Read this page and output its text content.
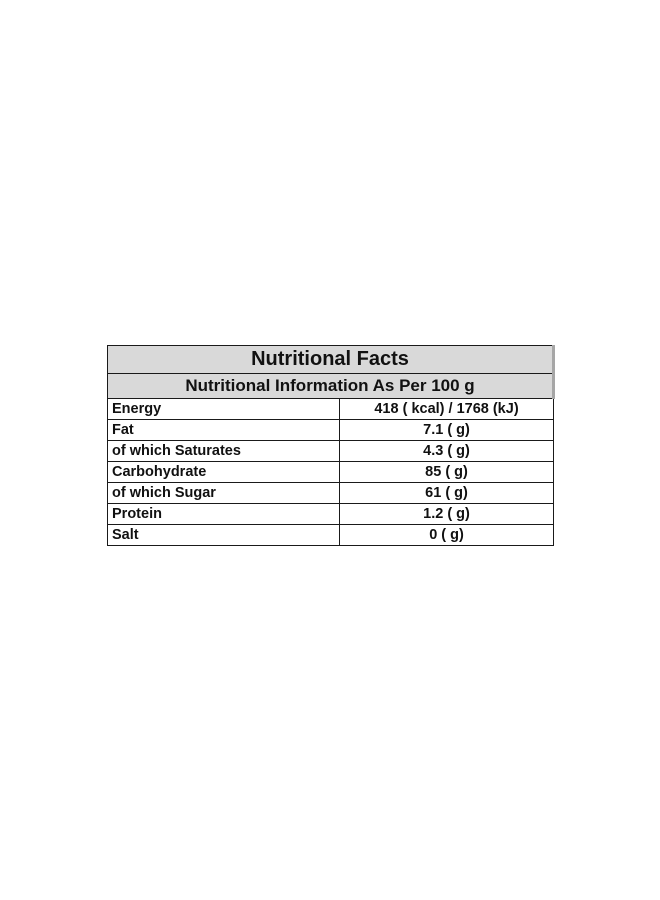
Nutritional Facts	
Nutritional Information As Per 100 g	
Energy	418 ( kcal) / 1768 (kJ)
Fat	7.1 ( g)
of which Saturates	4.3 ( g)
Carbohydrate	85 ( g)
of which Sugar	61 ( g)
Protein	1.2 ( g)
Salt	0 ( g)
